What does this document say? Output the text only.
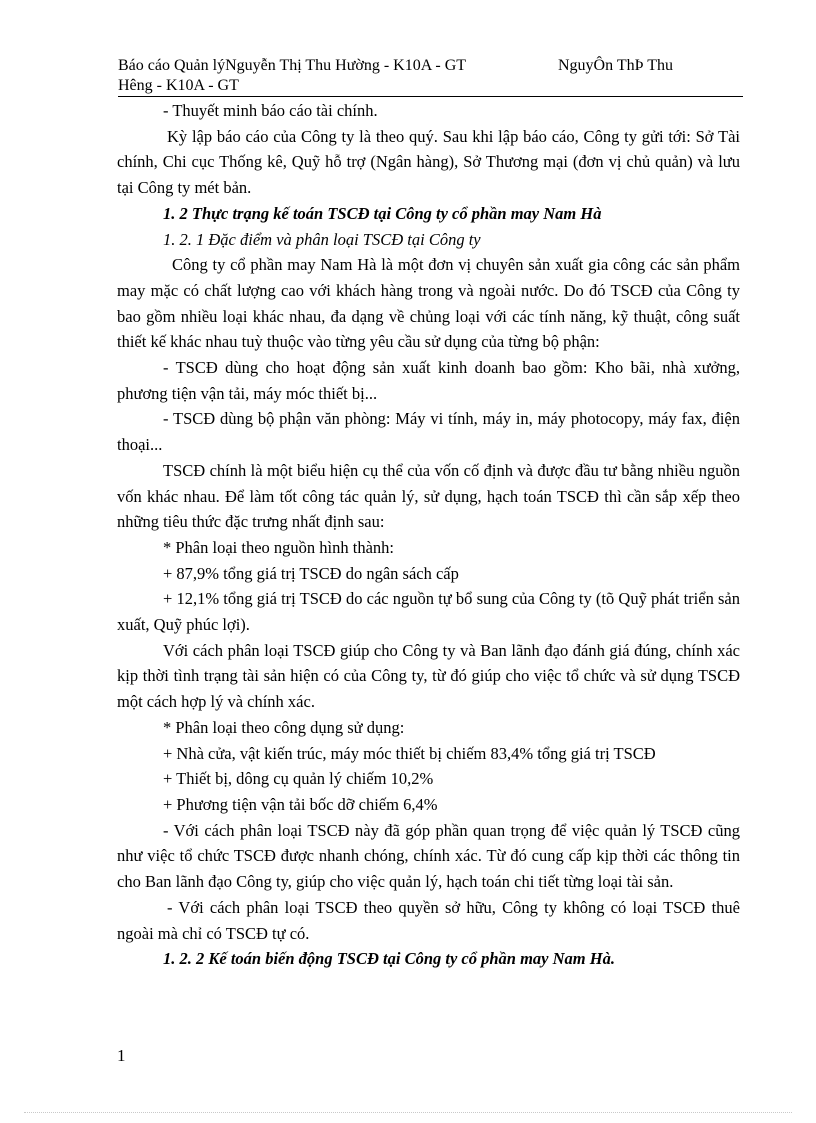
Báo cáo Quản lýNguyễn Thị Thu Hường - K10A - GT	NguyÔn ThÞ Thu
Hêng - K10A - GT

- Thuyết minh báo cáo tài chính.

Kỳ lập báo cáo của Công ty là theo quý. Sau khi lập báo cáo, Công ty gửi tới: Sở Tài chính, Chi cục Thống kê, Quỹ hỗ trợ (Ngân hàng), Sở Thương mại (đơn vị chủ quản) và lưu tại Công ty mét bản.

1. 2 Thực trạng kế toán TSCĐ tại Công ty cổ phần may Nam Hà

1. 2. 1 Đặc điểm và phân loại TSCĐ tại Công ty

Công ty cổ phần may Nam Hà là một đơn vị chuyên sản xuất gia công các sản phẩm may mặc có chất lượng cao với khách hàng trong và ngoài nước. Do đó TSCĐ của Công ty bao gồm nhiều loại khác nhau, đa dạng về chủng loại với các tính năng, kỹ thuật, công suất thiết kế khác nhau tuỳ thuộc vào từng yêu cầu sử dụng của từng bộ phận:

- TSCĐ dùng cho hoạt động sản xuất kinh doanh bao gồm: Kho bãi, nhà xưởng, phương tiện vận tải, máy móc thiết bị...

- TSCĐ dùng bộ phận văn phòng: Máy vi tính, máy in, máy photocopy, máy fax, điện thoại...

TSCĐ chính là một biểu hiện cụ thể của vốn cố định và được đầu tư bằng nhiều nguồn vốn khác nhau. Để làm tốt công tác quản lý, sử dụng, hạch toán TSCĐ thì cần sắp xếp theo những tiêu thức đặc trưng nhất định sau:

* Phân loại theo nguồn hình thành:

+ 87,9% tổng giá trị TSCĐ do ngân sách cấp

+ 12,1% tổng giá trị TSCĐ do các nguồn tự bổ sung của Công ty (tõ Quỹ phát triển sản xuất, Quỹ phúc lợi).

Với cách phân loại TSCĐ giúp cho Công ty và Ban lãnh đạo đánh giá đúng, chính xác kịp thời tình trạng tài sản hiện có của Công ty, từ đó giúp cho việc tổ chức và sử dụng TSCĐ một cách hợp lý và chính xác.

* Phân loại theo công dụng sử dụng:

+ Nhà cửa, vật kiến trúc, máy móc thiết bị chiếm 83,4% tổng giá trị TSCĐ

+ Thiết bị, dông cụ quản lý chiếm 10,2%

+ Phương tiện vận tải bốc dỡ chiếm 6,4%

- Với cách phân loại TSCĐ này đã góp phần quan trọng để việc quản lý TSCĐ cũng như việc tổ chức TSCĐ được nhanh chóng, chính xác. Từ đó cung cấp kịp thời các thông tin cho Ban lãnh đạo Công ty, giúp cho việc quản lý, hạch toán chi tiết từng loại tài sản.

- Với cách phân loại TSCĐ theo quyền sở hữu, Công ty không có loại TSCĐ thuê ngoài mà chỉ có TSCĐ tự có.

1. 2. 2 Kế toán biến động TSCĐ tại Công ty cổ phần may Nam Hà.

1
